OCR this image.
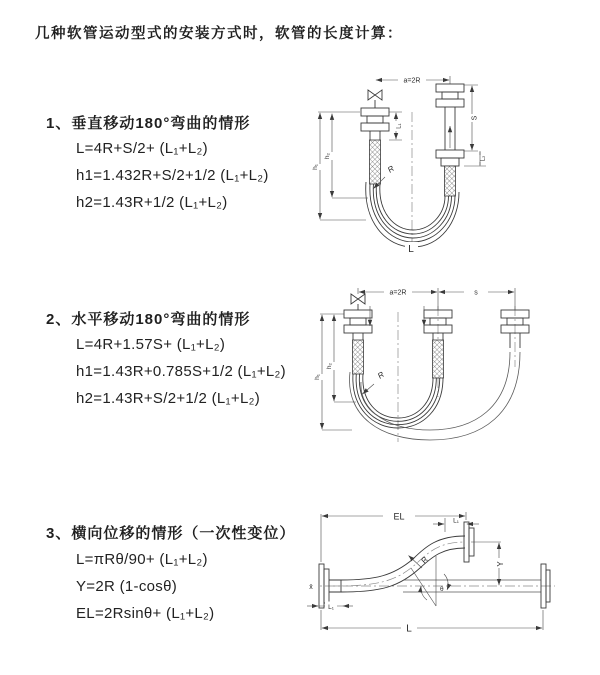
几种软管运动型式的安装方式时，软管的长度计算：
1、垂直移动180°弯曲的情形
L=4R+S/2+ (L₁+L₂)
h1=1.432R+S/2+1/2 (L₁+L₂)
h2=1.43R+1/2 (L₁+L₂)
2、水平移动180°弯曲的情形
L=4R+1.57S+ (L₁+L₂)
h1=1.43R+0.785S+1/2 (L₁+L₂)
h2=1.43R+S/2+1/2 (L₁+L₂)
3、横向位移的情形（一次性变位）
L=πRθ/90+ (L₁+L₂)
Y=2R (1-cosθ)
EL=2Rsinθ+ (L₁+L₂)
a=2R
S
L₂
h₁
h₂
L₁
R
L
a=2R	s
h₁
h₂
R
x̄	θ
EL	L₁
Y
L
L₁
R
